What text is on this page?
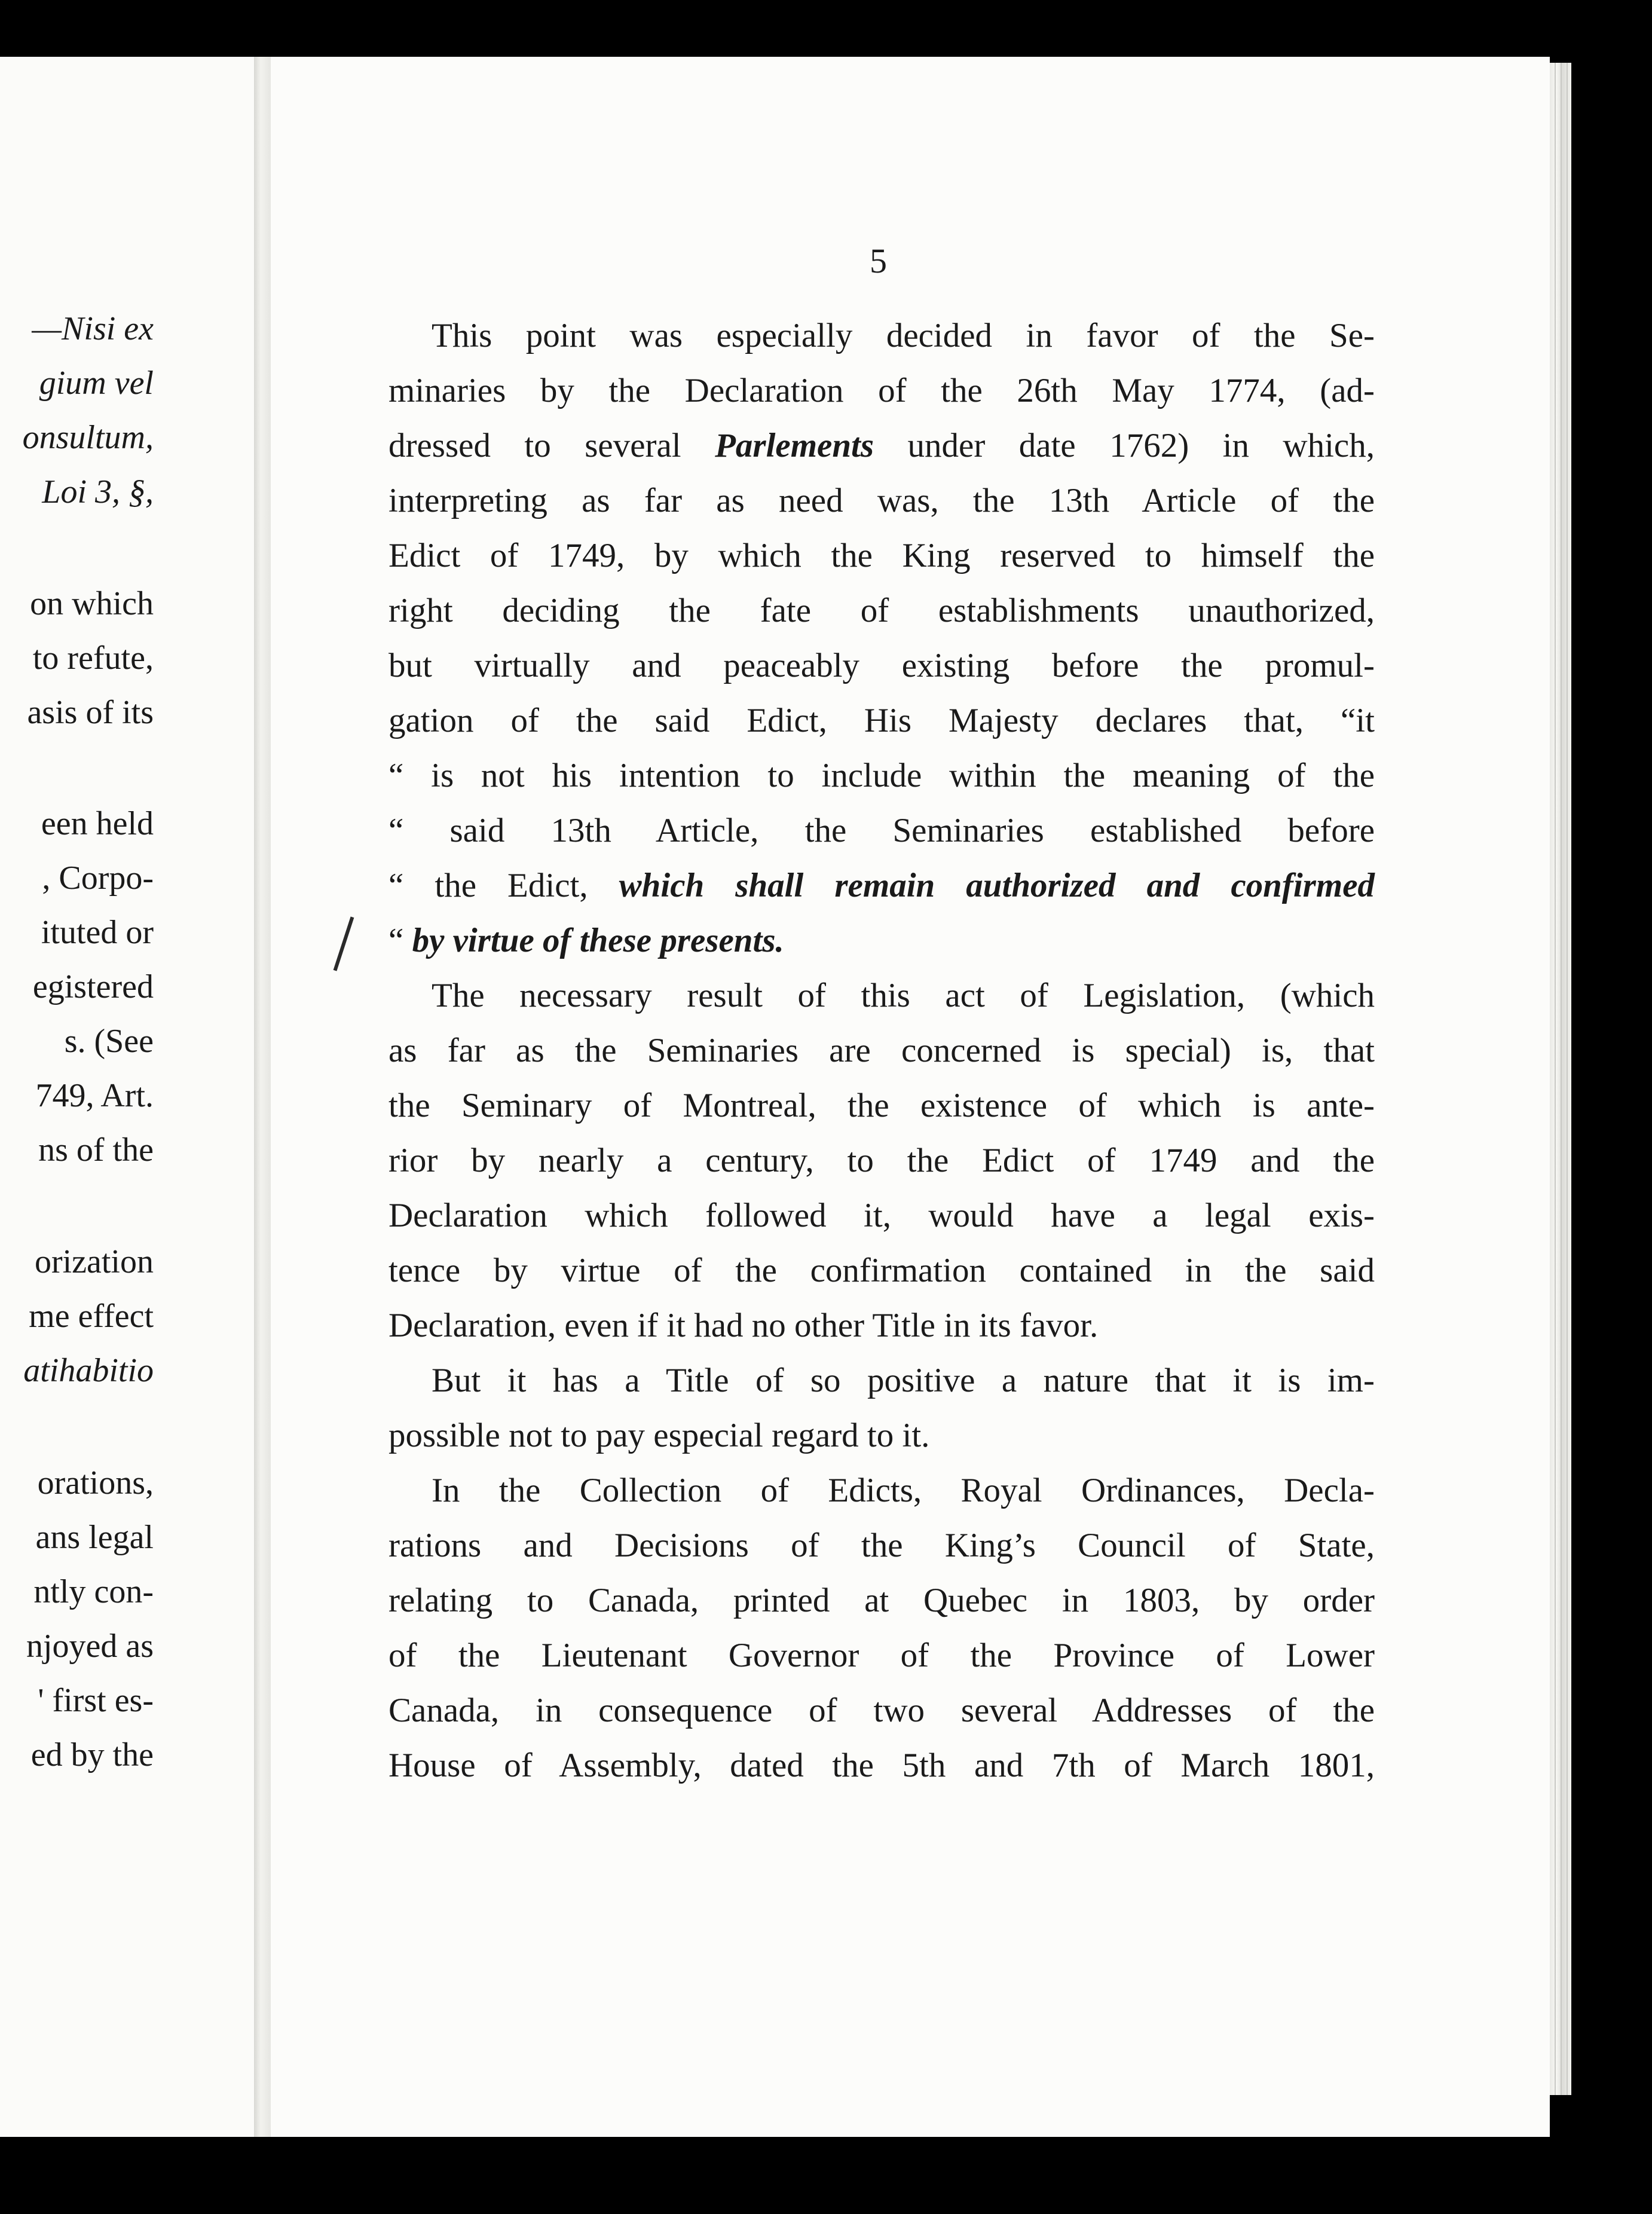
—Nisi ex
gium vel
onsultum,
Loi 3, §,
on which
to refute,
asis of its
een held
, Corpo-
ituted or
egistered
s. (See
749, Art.
ns of the
orization
me effect
atihabitio
orations,
ans legal
ntly con-
njoyed as
' first es-
ed by the
5
This point was especially decided in favor of the Se-
minaries by the Declaration of the 26th May 1774, (ad-
dressed to several Parlements under date 1762) in which,
interpreting as far as need was, the 13th Article of the
Edict of 1749, by which the King reserved to himself the
right deciding the fate of establishments unauthorized,
but virtually and peaceably existing before the promul-
gation of the said Edict, His Majesty declares that, “it
“ is not his intention to include within the meaning of the
“ said 13th Article, the Seminaries established before
“ the Edict, which shall remain authorized and confirmed
“ by virtue of these presents.
The necessary result of this act of Legislation, (which
as far as the Seminaries are concerned is special) is, that
the Seminary of Montreal, the existence of which is ante-
rior by nearly a century, to the Edict of 1749 and the
Declaration which followed it, would have a legal exis-
tence by virtue of the confirmation contained in the said
Declaration, even if it had no other Title in its favor.
But it has a Title of so positive a nature that it is im-
possible not to pay especial regard to it.
In the Collection of Edicts, Royal Ordinances, Decla-
rations and Decisions of the King’s Council of State,
relating to Canada, printed at Quebec in 1803, by order
of the Lieutenant Governor of the Province of Lower
Canada, in consequence of two several Addresses of the
House of Assembly, dated the 5th and 7th of March 1801,
